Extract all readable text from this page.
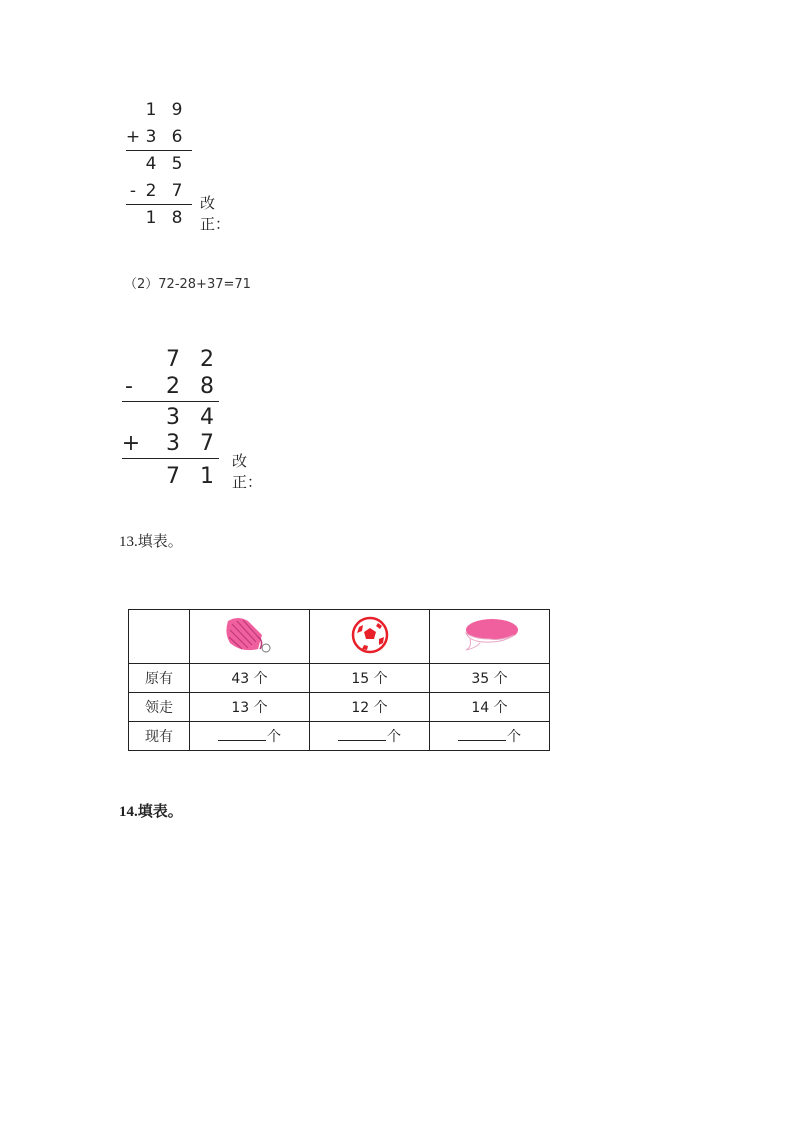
1 9
+ 3 6
4 5
- 2 7
1 8
改正：
（2）72-28+37=71
7 2
-	2 8
3 4
+ 3 7
7 1
改正：
13.填表。

原有	43 个	15 个	35 个
领走	13 个	12 个	14 个
现有	个	个	个
14.填表。
